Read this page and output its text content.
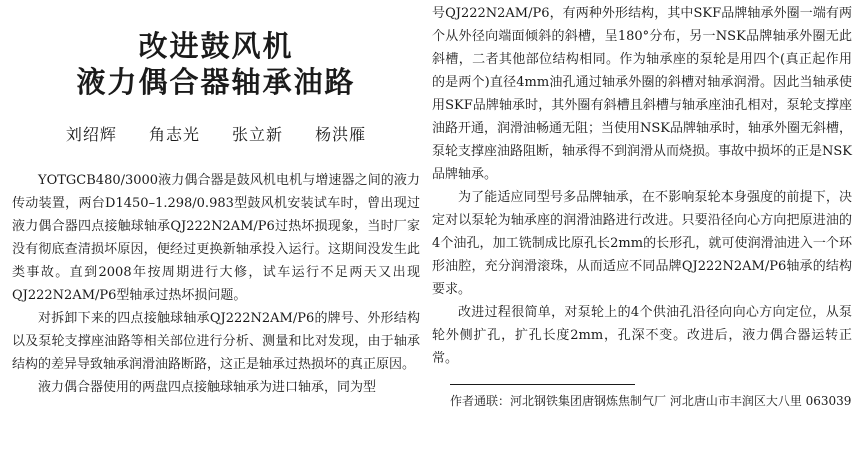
改进鼓风机
液力偶合器轴承油路
刘绍辉 角志光 张立新 杨洪雁

YOTGCB480/3000液力偶合器是鼓风机电机与增速器之间的液力传动装置，两台D1450–1.298/0.983型鼓风机安装试车时，曾出现过液力偶合器四点接触球轴承QJ222N2AM/P6过热坏损现象，当时厂家没有彻底查清损坏原因，便经过更换新轴承投入运行。这期间没发生此类事故。直到2008年按周期进行大修，试车运行不足两天又出现QJ222N2AM/P6型轴承过热坏损问题。

对拆卸下来的四点接触球轴承QJ222N2AM/P6的牌号、外形结构以及泵轮支撑座油路等相关部位进行分析、测量和比对发现，由于轴承结构的差异导致轴承润滑油路断路，这正是轴承过热损坏的真正原因。

液力偶合器使用的两盘四点接触球轴承为进口轴承，同为型

号QJ222N2AM/P6，有两种外形结构，其中SKF品牌轴承外圈一端有两个从外径向端面倾斜的斜槽，呈180°分布，另一NSK品牌轴承外圈无此斜槽，二者其他部位结构相同。作为轴承座的泵轮是用四个(真正起作用的是两个)直径4mm油孔通过轴承外圈的斜槽对轴承润滑。因此当轴承使用SKF品牌轴承时，其外圈有斜槽且斜槽与轴承座油孔相对，泵轮支撑座油路开通，润滑油畅通无阻；当使用NSK品牌轴承时，轴承外圈无斜槽，泵轮支撑座油路阻断，轴承得不到润滑从而烧损。事故中损坏的正是NSK品牌轴承。

为了能适应同型号多品牌轴承，在不影响泵轮本身强度的前提下，决定对以泵轮为轴承座的润滑油路进行改进。只要沿径向心方向把原进油的4个油孔，加工铣制成比原孔长2mm的长形孔，就可使润滑油进入一个环形油腔，充分润滑滚珠，从而适应不同品牌QJ222N2AM/P6轴承的结构要求。

改进过程很简单，对泵轮上的4个供油孔沿径向向心方向定位，从泵轮外侧扩孔，扩孔长度2mm，孔深不变。改进后，液力偶合器运转正常。

作者通联：河北钢铁集团唐钢炼焦制气厂 河北唐山市丰润区大八里 063039
